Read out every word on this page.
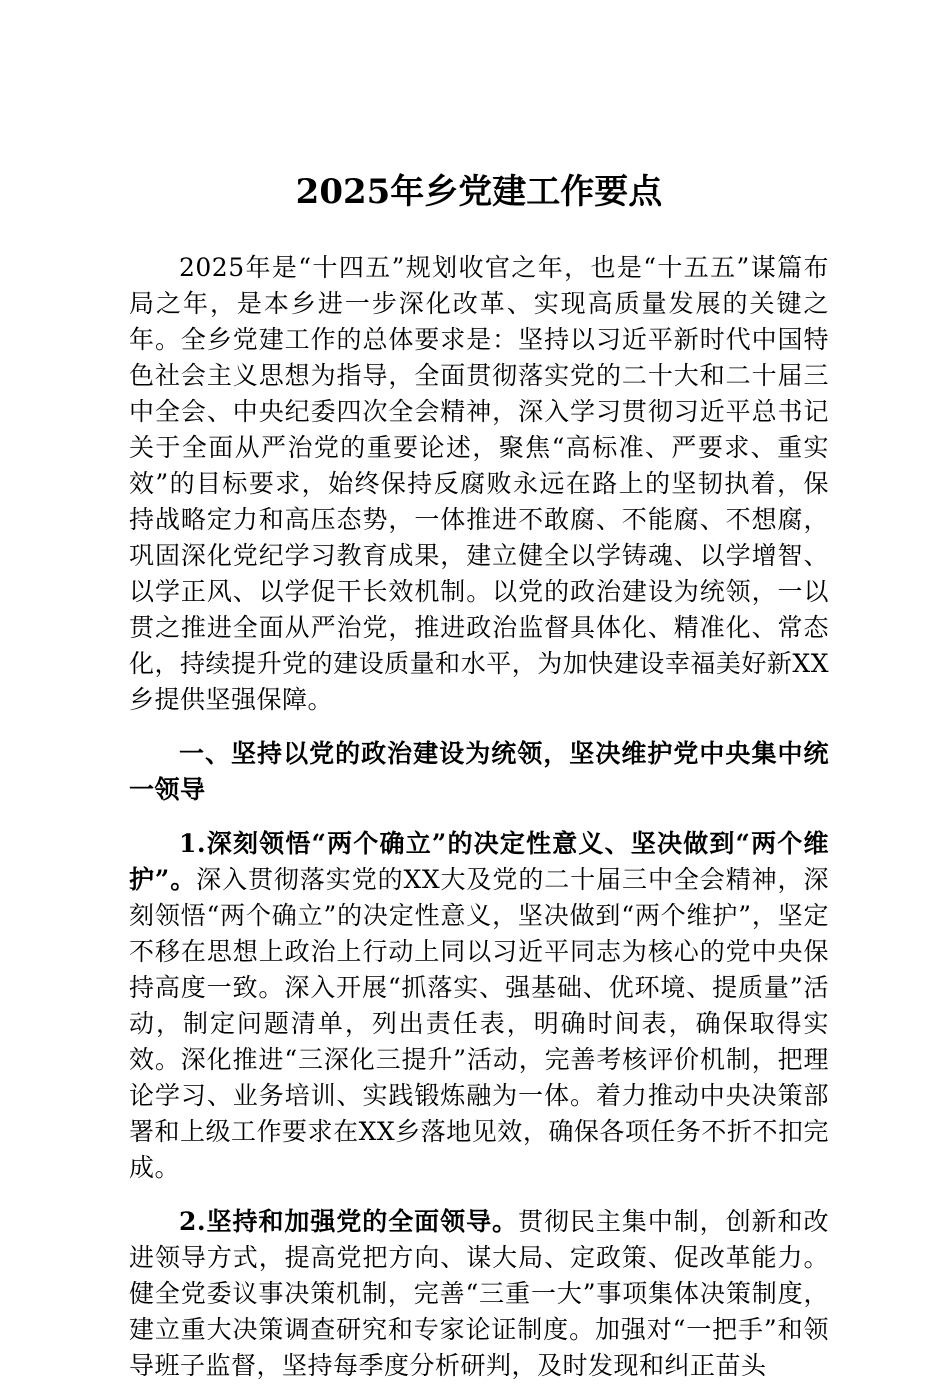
2025年乡党建工作要点

2025年是“十四五”规划收官之年，也是“十五五”谋篇布局之年，是本乡进一步深化改革、实现高质量发展的关键之年。全乡党建工作的总体要求是：坚持以习近平新时代中国特色社会主义思想为指导，全面贯彻落实党的二十大和二十届三中全会、中央纪委四次全会精神，深入学习贯彻习近平总书记关于全面从严治党的重要论述，聚焦“高标准、严要求、重实效”的目标要求，始终保持反腐败永远在路上的坚韧执着，保持战略定力和高压态势，一体推进不敢腐、不能腐、不想腐，巩固深化党纪学习教育成果，建立健全以学铸魂、以学增智、以学正风、以学促干长效机制。以党的政治建设为统领，一以贯之推进全面从严治党，推进政治监督具体化、精准化、常态化，持续提升党的建设质量和水平，为加快建设幸福美好新XX乡提供坚强保障。

一、坚持以党的政治建设为统领，坚决维护党中央集中统一领导

1.深刻领悟“两个确立”的决定性意义、坚决做到“两个维护”。深入贯彻落实党的XX大及党的二十届三中全会精神，深刻领悟“两个确立”的决定性意义，坚决做到“两个维护”，坚定不移在思想上政治上行动上同以习近平同志为核心的党中央保持高度一致。深入开展“抓落实、强基础、优环境、提质量”活动，制定问题清单，列出责任表，明确时间表，确保取得实效。深化推进“三深化三提升”活动，完善考核评价机制，把理论学习、业务培训、实践锻炼融为一体。着力推动中央决策部署和上级工作要求在XX乡落地见效，确保各项任务不折不扣完成。

2.坚持和加强党的全面领导。贯彻民主集中制，创新和改进领导方式，提高党把方向、谋大局、定政策、促改革能力。健全党委议事决策机制，完善“三重一大”事项集体决策制度，建立重大决策调查研究和专家论证制度。加强对“一把手”和领导班子监督，坚持每季度分析研判，及时发现和纠正苗头
